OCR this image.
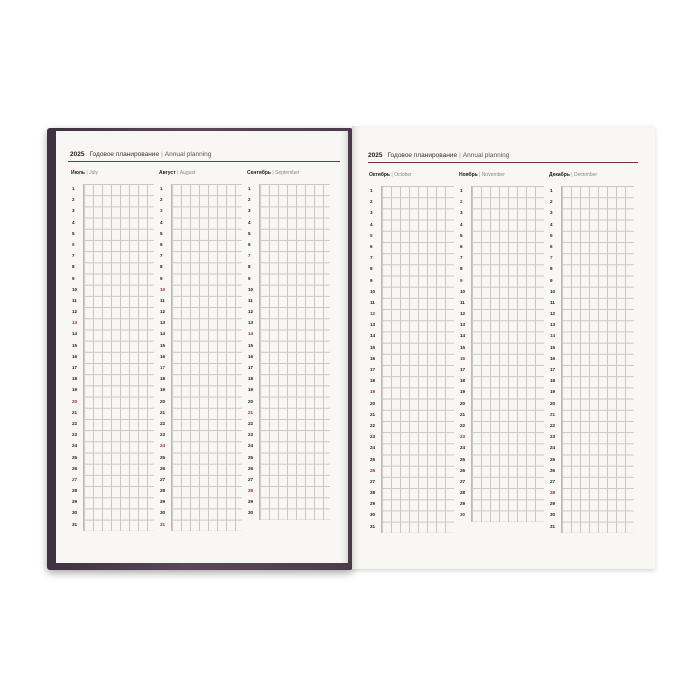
2025 Годовое планирование | Annual planning
Июль | July
1
2
3
4
5
6
7
8
9
10
11
12
13
14
15
16
17
18
19
20
21
22
23
24
25
26
27
28
29
30
31
Август | August
1
2
3
4
5
6
7
8
9
10
11
12
13
14
15
16
17
18
19
20
21
22
23
24
25
26
27
28
29
30
31
Сентябрь | September
1
2
3
4
5
6
7
8
9
10
11
12
13
14
15
16
17
18
19
20
21
22
23
24
25
26
27
28
29
30
2025 Годовое планирование | Annual planning
Октябрь | October
1
2
3
4
5
6
7
8
9
10
11
12
13
14
15
16
17
18
19
20
21
22
23
24
25
26
27
28
29
30
31
Ноябрь | November
1
2
3
4
5
6
7
8
9
10
11
12
13
14
15
16
17
18
19
20
21
22
23
24
25
26
27
28
29
30
Декабрь | December
1
2
3
4
5
6
7
8
9
10
11
12
13
14
15
16
17
18
19
20
21
22
23
24
25
26
27
28
29
30
31
